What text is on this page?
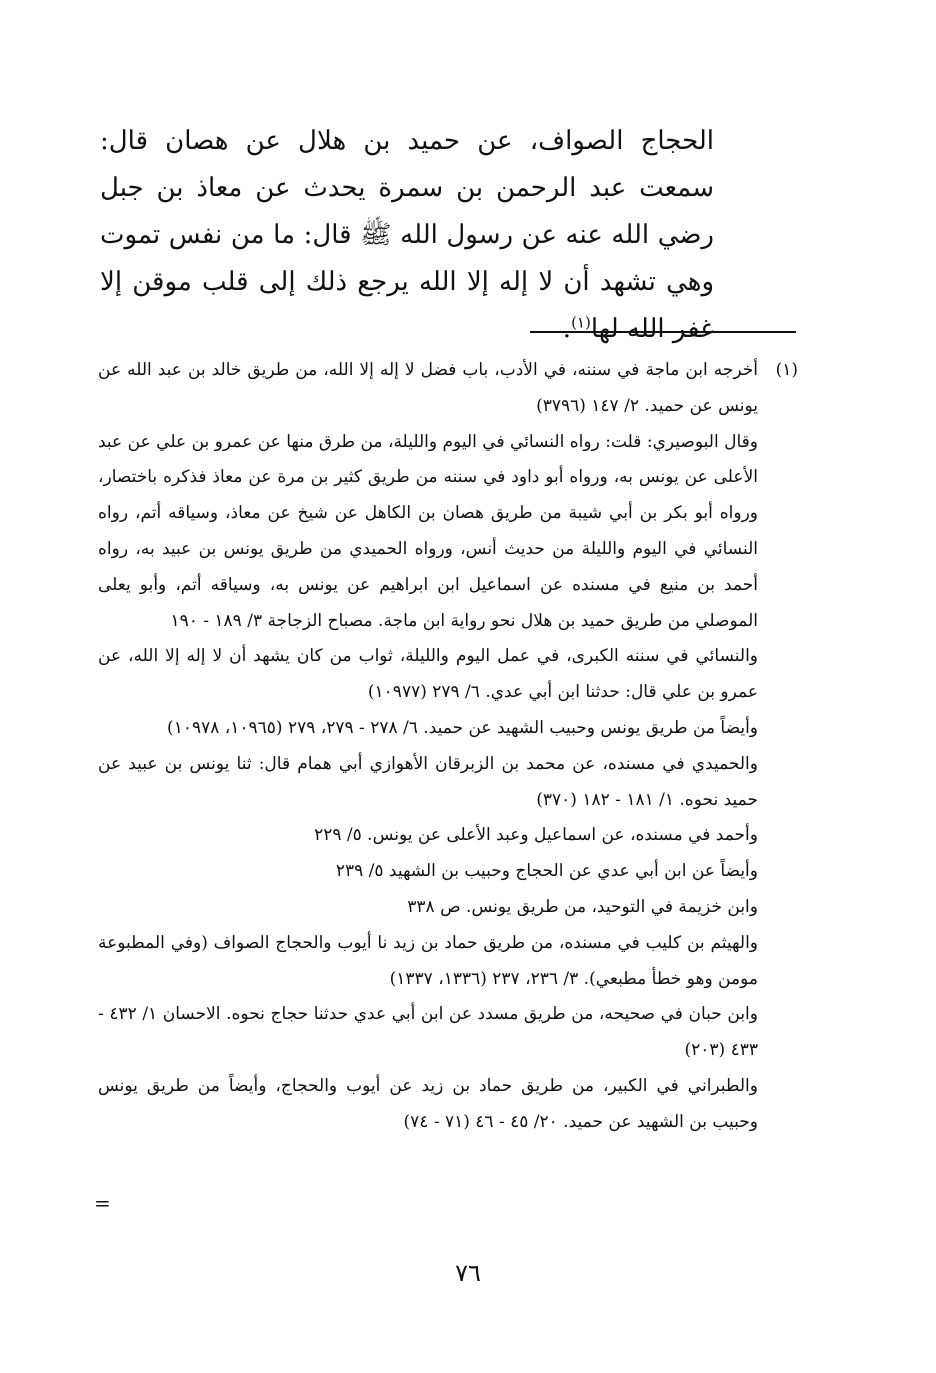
الحجاج الصواف، عن حميد بن هلال عن هصان قال: سمعت عبد الرحمن بن سمرة يحدث عن معاذ بن جبل رضي الله عنه عن رسول الله ﷺ قال: ما من نفس تموت وهي تشهد أن لا إله إلا الله يرجع ذلك إلى قلب موقن إلا غفر الله لها$^{(١)}$.

(١)
أخرجه ابن ماجة في سننه، في الأدب، باب فضل لا إله إلا الله، من طريق خالد بن عبد الله عن يونس عن حميد. ٢/ ١٤٧ (٣٧٩٦)

وقال البوصيري: قلت: رواه النسائي في اليوم والليلة، من طرق منها عن عمرو بن علي عن عبد الأعلى عن يونس به، ورواه أبو داود في سننه من طريق كثير بن مرة عن معاذ فذكره باختصار، ورواه أبو بكر بن أبي شيبة من طريق هصان بن الكاهل عن شيخ عن معاذ، وسياقه أتم، رواه النسائي في اليوم والليلة من حديث أنس، ورواه الحميدي من طريق يونس بن عبيد به، رواه أحمد بن منيع في مسنده عن اسماعيل ابن ابراهيم عن يونس به، وسياقه أتم، وأبو يعلى الموصلي من طريق حميد بن هلال نحو رواية ابن ماجة. مصباح الزجاجة ٣/ ١٨٩ - ١٩٠

والنسائي في سننه الكبرى، في عمل اليوم والليلة، ثواب من كان يشهد أن لا إله إلا الله، عن عمرو بن علي قال: حدثنا ابن أبي عدي. ٦/ ٢٧٩ (١٠٩٧٧)

وأيضاً من طريق يونس وحبيب الشهيد عن حميد. ٦/ ٢٧٨ - ٢٧٩، ٢٧٩ (١٠٩٦٥، ١٠٩٧٨)

والحميدي في مسنده، عن محمد بن الزبرقان الأهوازي أبي همام قال: ثنا يونس بن عبيد عن حميد نحوه. ١/ ١٨١ - ١٨٢ (٣٧٠)

وأحمد في مسنده، عن اسماعيل وعبد الأعلى عن يونس. ٥/ ٢٢٩

وأيضاً عن ابن أبي عدي عن الحجاج وحبيب بن الشهيد ٥/ ٢٣٩

وابن خزيمة في التوحيد، من طريق يونس. ص ٣٣٨

والهيثم بن كليب في مسنده، من طريق حماد بن زيد نا أيوب والحجاج الصواف (وفي المطبوعة مومن وهو خطأ مطبعي). ٣/ ٢٣٦، ٢٣٧ (١٣٣٦، ١٣٣٧)

وابن حبان في صحيحه، من طريق مسدد عن ابن أبي عدي حدثنا حجاج نحوه. الاحسان ١/ ٤٣٢ - ٤٣٣ (٢٠٣)

والطبراني في الكبير، من طريق حماد بن زيد عن أيوب والحجاج، وأيضاً من طريق يونس وحبيب بن الشهيد عن حميد. ٢٠/ ٤٥ - ٤٦ (٧١ - ٧٤)

=
٧٦
